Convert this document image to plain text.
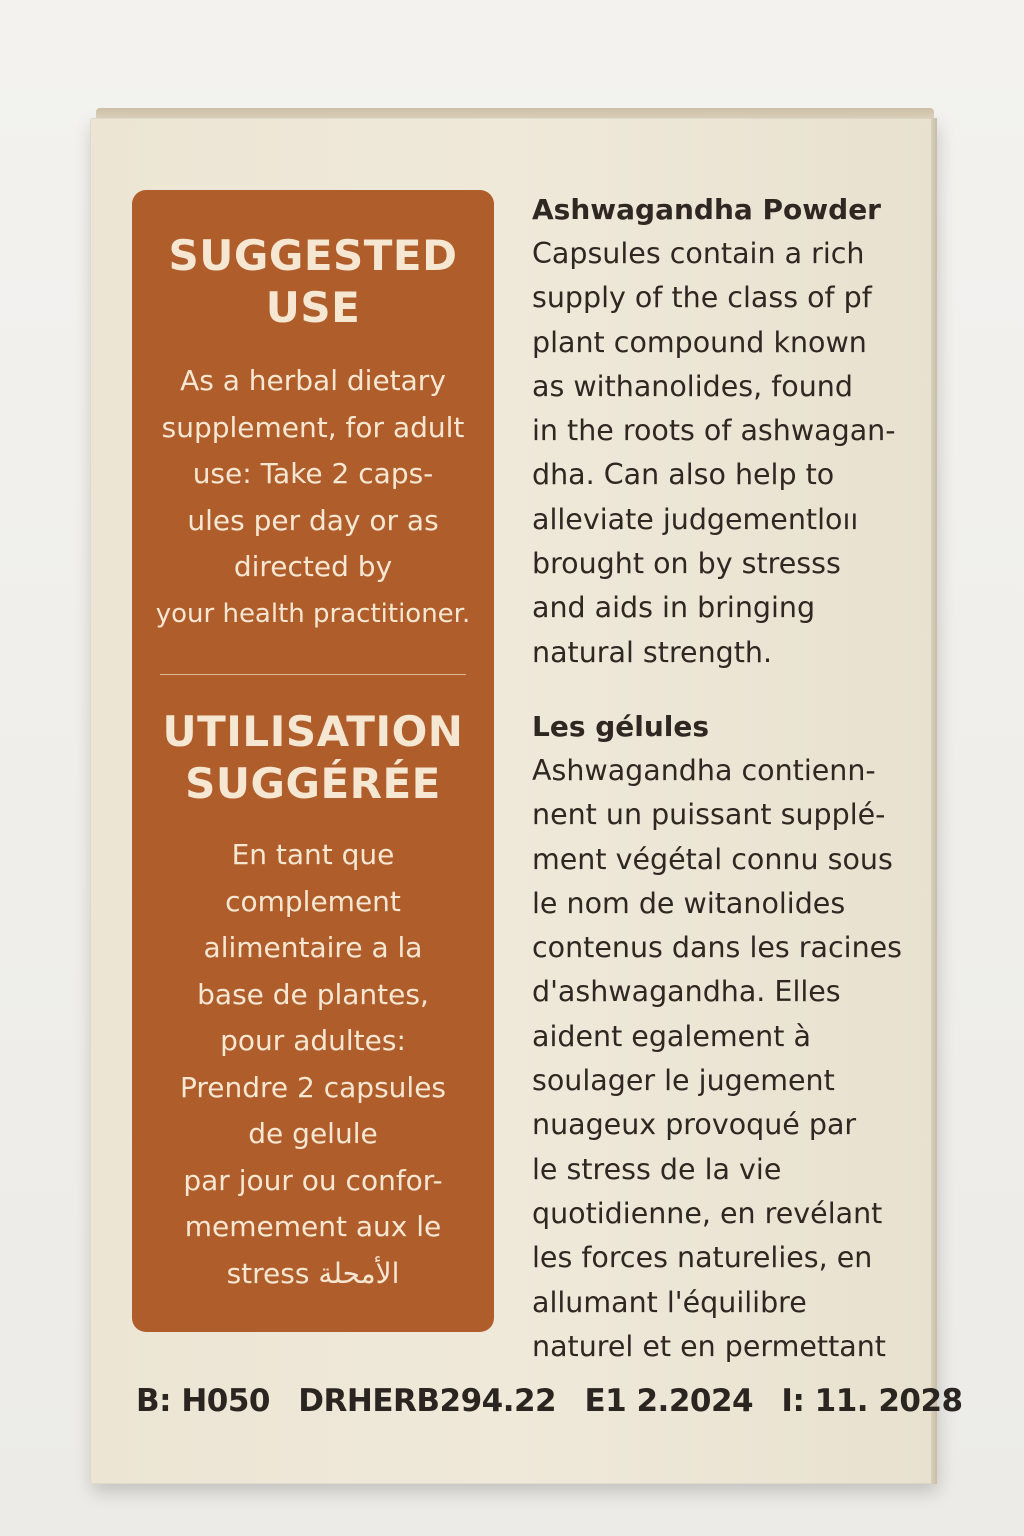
SUGGESTED
USE
As a herbal dietary
supplement, for adult
use: Take 2 caps-
ules per day or as
directed by
your health practitioner.
UTILISATION
SUGGÉRÉE
En tant que
complement
alimentaire a la
base de plantes,
pour adultes:
Prendre 2 capsules
de gelule
par jour ou confor-
memement aux le
stress الأمحلة
Ashwagandha Powder
Capsules contain a rich
supply of the class of pf
plant compound known
as withanolides, found
in the roots of ashwagan-
dha. Can also help to
alleviate judgementloıı
brought on by stresss
and aids in bringing
natural strength.
Les gélules
Ashwagandha contienn-
nent un puissant supplé-
ment végétal connu sous
le nom de witanolides
contenus dans les racines
d'ashwagandha. Elles
aident egalement à
soulager le jugement
nuageux provoqué par
le stress de la vie
quotidienne, en revélant
les forces naturelies, en
allumant l'équilibre
naturel et en permettant
B: H050 DRHERB294.22 E1 2.2024 I: 11. 2028
